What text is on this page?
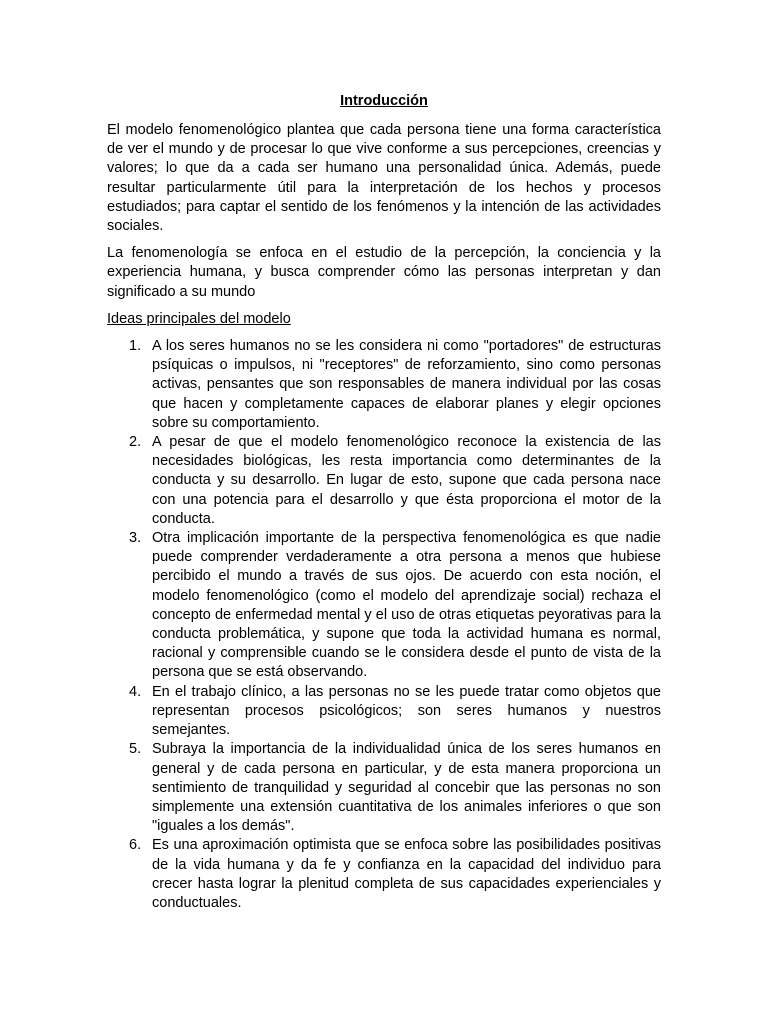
Introducción

El modelo fenomenológico plantea que cada persona tiene una forma característica de ver el mundo y de procesar lo que vive conforme a sus percepciones, creencias y valores; lo que da a cada ser humano una personalidad única. Además, puede resultar particularmente útil para la interpretación de los hechos y procesos estudiados; para captar el sentido de los fenómenos y la intención de las actividades sociales.

La fenomenología se enfoca en el estudio de la percepción, la conciencia y la experiencia humana, y busca comprender cómo las personas interpretan y dan significado a su mundo

Ideas principales del modelo
1. A los seres humanos no se les considera ni como "portadores" de estructuras psíquicas o impulsos, ni "receptores" de reforzamiento, sino como personas activas, pensantes que son responsables de manera individual por las cosas que hacen y completamente capaces de elaborar planes y elegir opciones sobre su comportamiento.
2. A pesar de que el modelo fenomenológico reconoce la existencia de las necesidades biológicas, les resta importancia como determinantes de la conducta y su desarrollo. En lugar de esto, supone que cada persona nace con una potencia para el desarrollo y que ésta proporciona el motor de la conducta.
3. Otra implicación importante de la perspectiva fenomenológica es que nadie puede comprender verdaderamente a otra persona a menos que hubiese percibido el mundo a través de sus ojos. De acuerdo con esta noción, el modelo fenomenológico (como el modelo del aprendizaje social) rechaza el concepto de enfermedad mental y el uso de otras etiquetas peyorativas para la conducta problemática, y supone que toda la actividad humana es normal, racional y comprensible cuando se le considera desde el punto de vista de la persona que se está observando.
4. En el trabajo clínico, a las personas no se les puede tratar como objetos que representan procesos psicológicos; son seres humanos y nuestros semejantes.
5. Subraya la importancia de la individualidad única de los seres humanos en general y de cada persona en particular, y de esta manera proporciona un sentimiento de tranquilidad y seguridad al concebir que las personas no son simplemente una extensión cuantitativa de los animales inferiores o que son "iguales a los demás".
6. Es una aproximación optimista que se enfoca sobre las posibilidades positivas de la vida humana y da fe y confianza en la capacidad del individuo para crecer hasta lograr la plenitud completa de sus capacidades experienciales y conductuales.
